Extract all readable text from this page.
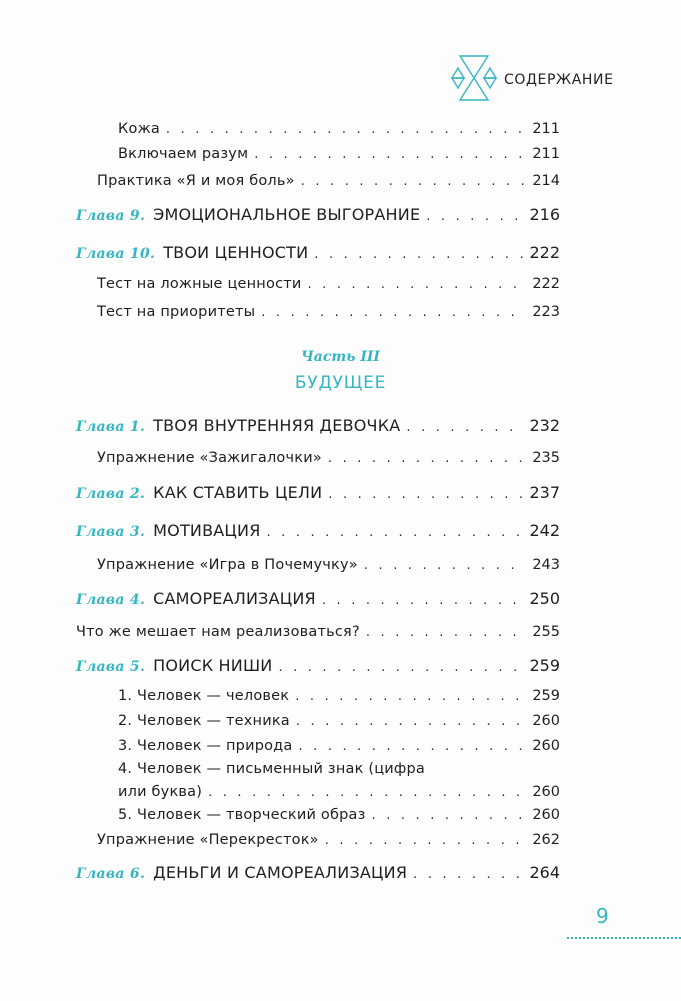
СОДЕРЖАНИЕ
Кожа . . .	211
Включаем разум . . .	211
Практика «Я и моя боль» . . .	214
Глава 9. ЭМОЦИОНАЛЬНОЕ ВЫГОРАНИЕ . . .	216
Глава 10. ТВОИ ЦЕННОСТИ . . .	222
Тест на ложные ценности . . .	222
Тест на приоритеты . . .	223
Часть III
БУДУЩЕЕ
Глава 1. ТВОЯ ВНУТРЕННЯЯ ДЕВОЧКА . . .	232
Упражнение «Зажигалочки» . . .	235
Глава 2. КАК СТАВИТЬ ЦЕЛИ . . .	237
Глава 3. МОТИВАЦИЯ . . .	242
Упражнение «Игра в Почемучку» . . .	243
Глава 4. САМОРЕАЛИЗАЦИЯ . . .	250
Что же мешает нам реализоваться? . . .	255
Глава 5. ПОИСК НИШИ . . .	259
1. Человек — человек . . .	259
2. Человек — техника . . .	260
3. Человек — природа . . .	260
4. Человек — письменный знак (цифра
или буква) . . .	260
5. Человек — творческий образ . . .	260
Упражнение «Перекресток» . . .	262
Глава 6. ДЕНЬГИ И САМОРЕАЛИЗАЦИЯ . . .	264
9
